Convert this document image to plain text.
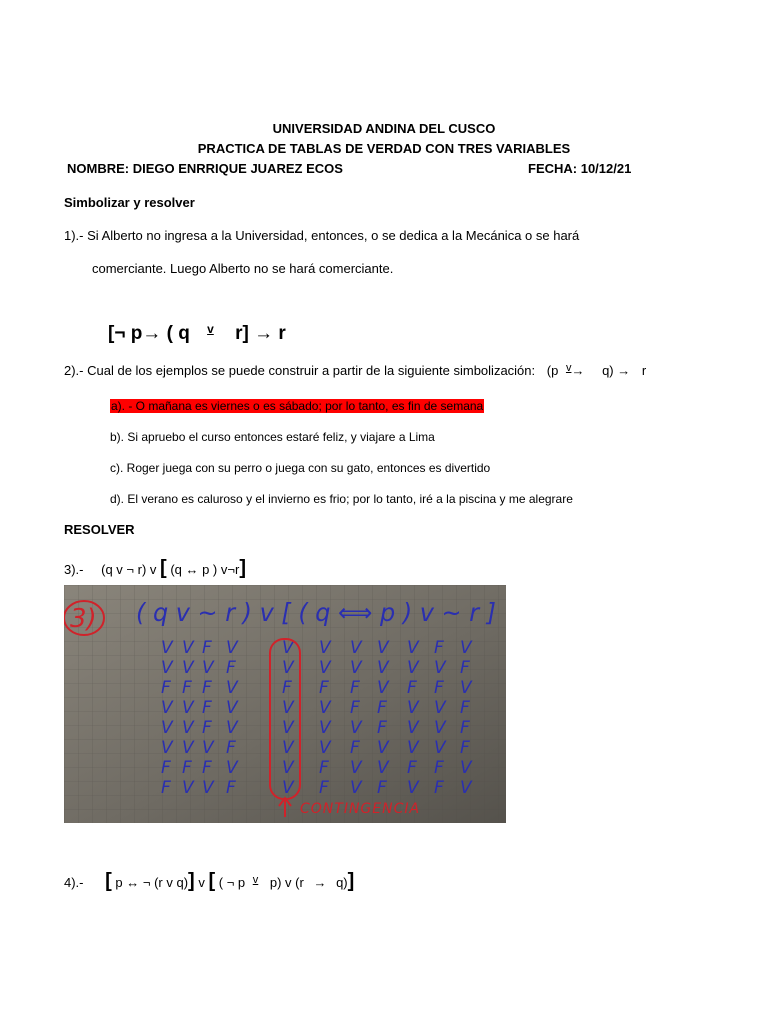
UNIVERSIDAD ANDINA DEL CUSCO
PRACTICA DE TABLAS DE VERDAD CON TRES VARIABLES
NOMBRE: DIEGO ENRRIQUE JUAREZ ECOS	FECHA: 10/12/21
Simbolizar y resolver
1).- Si Alberto no ingresa a la Universidad, entonces, o se dedica a la Mecánica o se hará
comerciante. Luego Alberto no se hará comerciante.
[¬ p→ ( q $^v$ r] → r
2).- Cual de los ejemplos se puede construir a partir de la siguiente simbolización: (p $^v$→ q) → r
a). - O mañana es viernes o es sábado; por lo tanto, es fin de semana
b). Si apruebo el curso entonces estaré feliz, y viajare a Lima
c). Roger juega con su perro o juega con su gato, entonces es divertido
d). El verano es caluroso y el invierno es frio; por lo tanto, iré a la piscina y me alegrare
RESOLVER
3).- (q v ¬ r) v [ (q ↔ p ) v¬r]
3) ( q v ~ r ) v [ ( q ⟺ p ) v ~ r ]
V V F V	V V V V V F V
V V V F	V V V V V V F
F F F V	F F F V F F V
V V F V	V V F F V V F
V V F V	V V V F V V F
V V V F	V V F V V V F
F F F V	V F V V F F V
F V V F	V F V F V F V
CONTINGENCIA
4).- [ p ↔ ¬ (r v q)] v [ ( ¬ p $^v$ p) v (r → q)]
